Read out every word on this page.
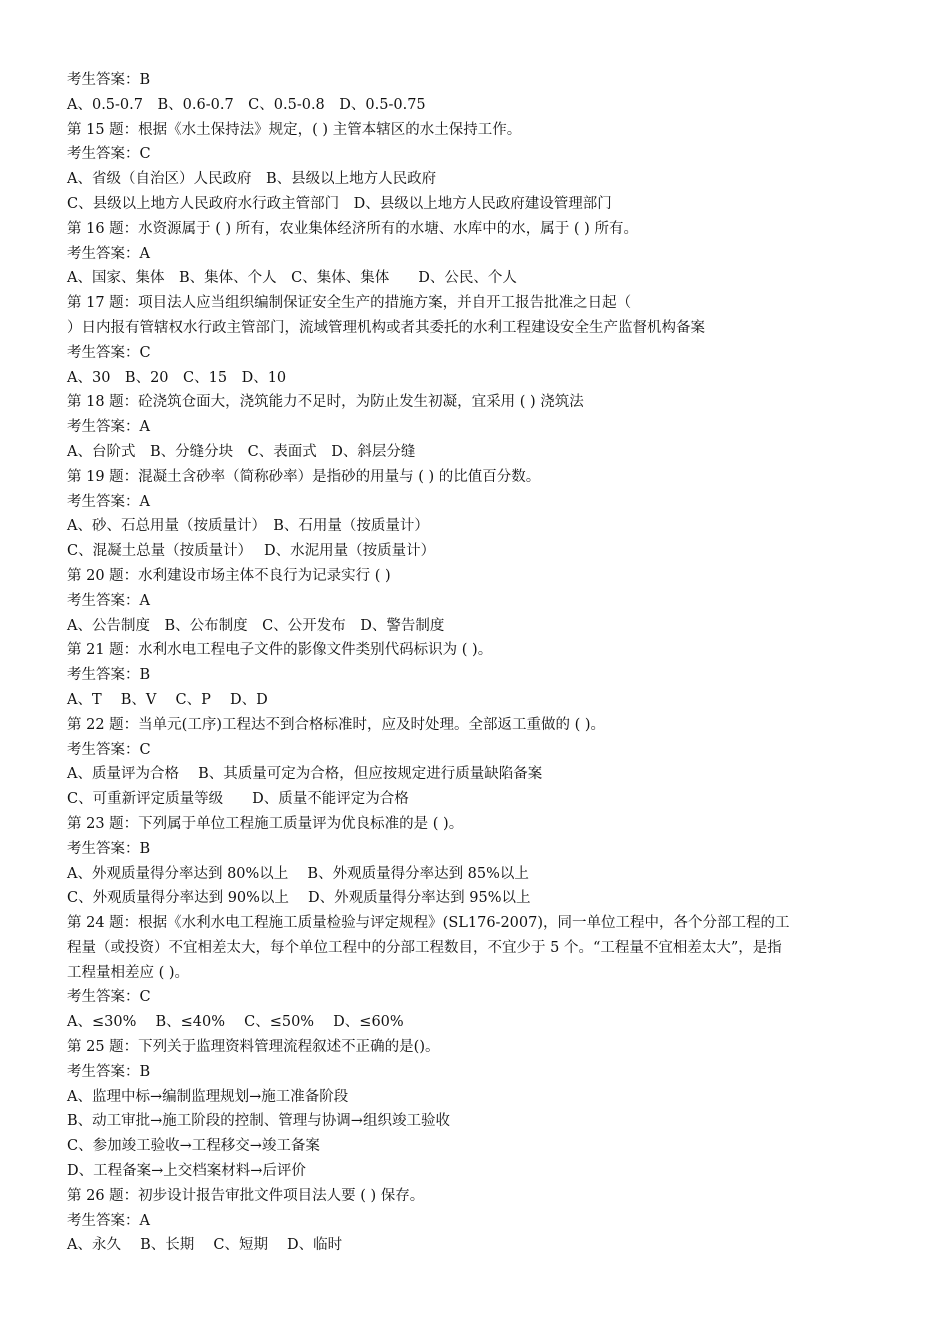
考生答案：B
A、0.5-0.7　B、0.6-0.7　C、0.5-0.8　D、0.5-0.75
第 15 题：根据《水土保持法》规定，( ) 主管本辖区的水土保持工作。
考生答案：C
A、省级（自治区）人民政府　B、县级以上地方人民政府
C、县级以上地方人民政府水行政主管部门　D、县级以上地方人民政府建设管理部门
第 16 题：水资源属于 ( ) 所有，农业集体经济所有的水塘、水库中的水，属于 ( ) 所有。
考生答案：A
A、国家、集体　B、集体、个人　C、集体、集体　　D、公民、个人
第 17 题：项目法人应当组织编制保证安全生产的措施方案，并自开工报告批准之日起（
）日内报有管辖权水行政主管部门，流域管理机构或者其委托的水利工程建设安全生产监督机构备案
考生答案：C
A、30　B、20　C、15　D、10
第 18 题：砼浇筑仓面大，浇筑能力不足时，为防止发生初凝，宜采用 ( ) 浇筑法
考生答案：A
A、台阶式　B、分缝分块　C、表面式　D、斜层分缝
第 19 题：混凝土含砂率（简称砂率）是指砂的用量与 ( ) 的比值百分数。
考生答案：A
A、砂、石总用量（按质量计）　B、石用量（按质量计）
C、混凝土总量（按质量计）　 D、水泥用量（按质量计）
第 20 题：水利建设市场主体不良行为记录实行 ( )
考生答案：A
A、公告制度　B、公布制度　C、公开发布　D、警告制度
第 21 题：水利水电工程电子文件的影像文件类别代码标识为 ( )。
考生答案：B
A、T　 B、V　 C、P　 D、D
第 22 题：当单元(工序)工程达不到合格标准时，应及时处理。全部返工重做的 ( )。
考生答案：C
A、质量评为合格　 B、其质量可定为合格，但应按规定进行质量缺陷备案
C、可重新评定质量等级　　D、质量不能评定为合格
第 23 题：下列属于单位工程施工质量评为优良标准的是 ( )。
考生答案：B
A、外观质量得分率达到 80%以上　 B、外观质量得分率达到 85%以上
C、外观质量得分率达到 90%以上　 D、外观质量得分率达到 95%以上
第 24 题：根据《水利水电工程施工质量检验与评定规程》(SL176-2007)，同一单位工程中，各个分部工程的工
程量（或投资）不宜相差太大，每个单位工程中的分部工程数目，不宜少于 5 个。“工程量不宜相差太大”，是指
工程量相差应 ( )。
考生答案：C
A、≤30%　 B、≤40%　 C、≤50%　 D、≤60%
第 25 题：下列关于监理资料管理流程叙述不正确的是()。
考生答案：B
A、监理中标→编制监理规划→施工准备阶段
B、动工审批→施工阶段的控制、管理与协调→组织竣工验收
C、参加竣工验收→工程移交→竣工备案
D、工程备案→上交档案材料→后评价
第 26 题：初步设计报告审批文件项目法人要 ( ) 保存。
考生答案：A
A、永久　 B、长期　 C、短期　 D、临时
